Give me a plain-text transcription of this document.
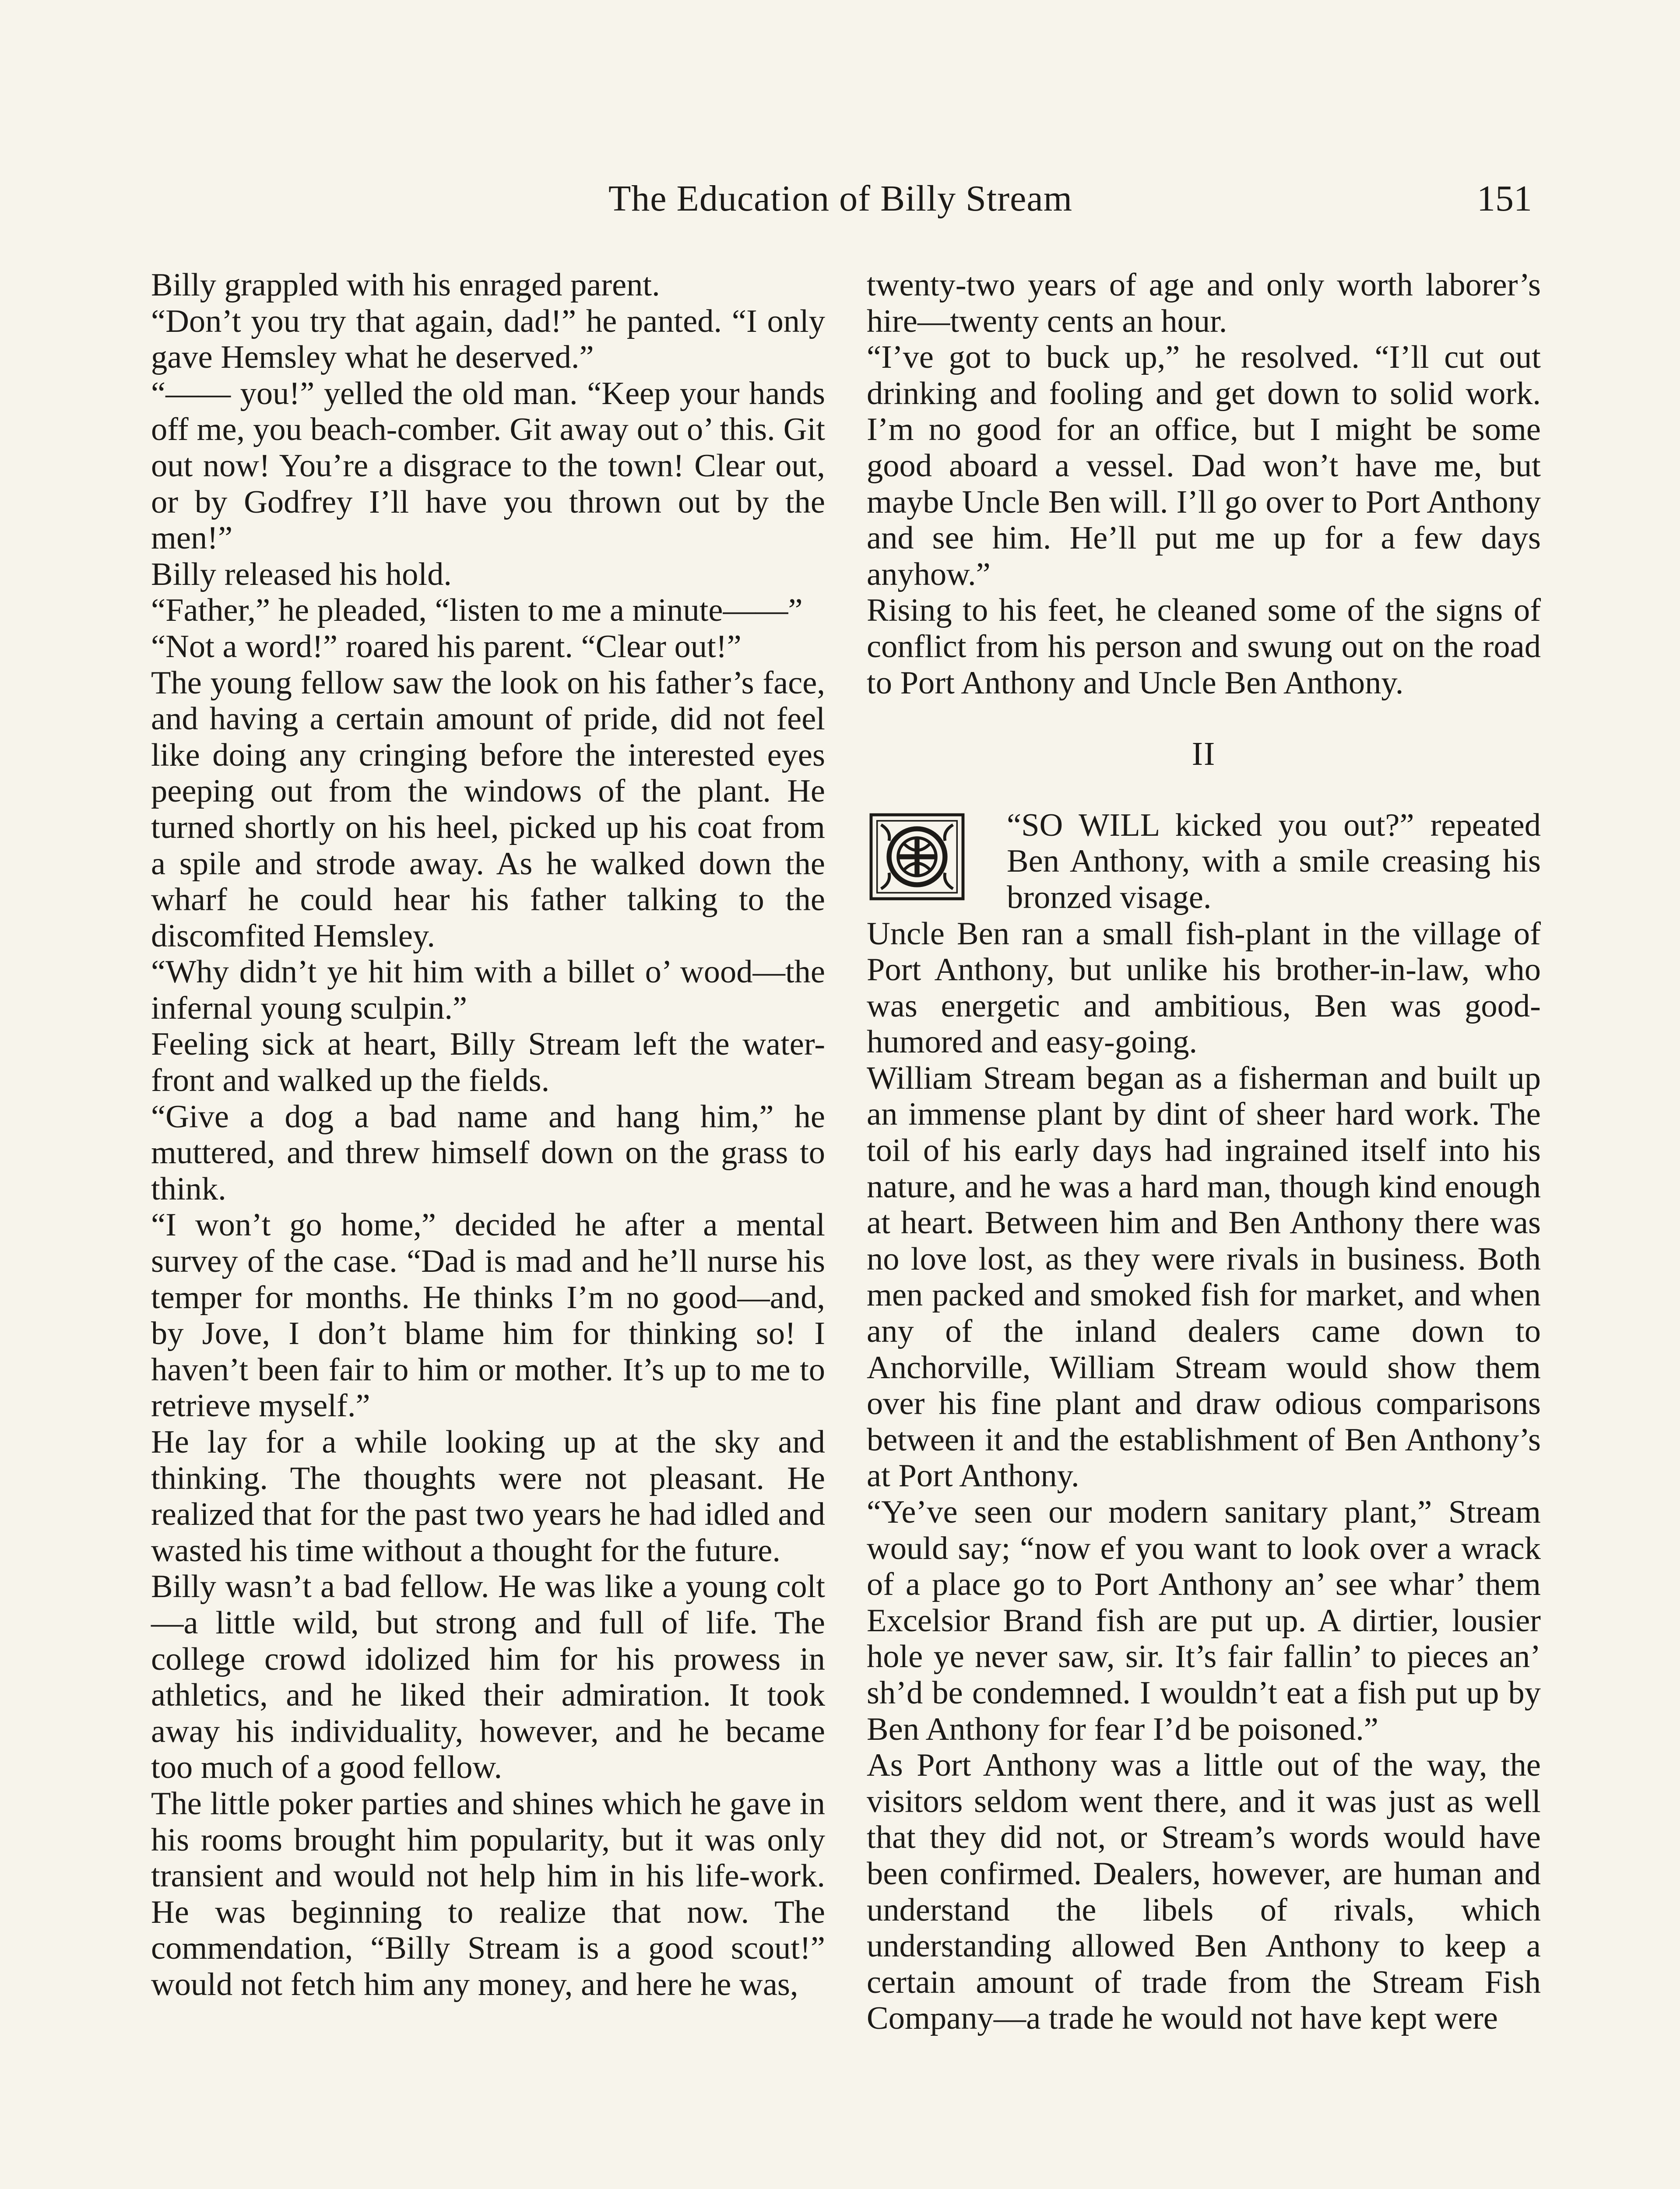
The Education of Billy Stream	151

Billy grappled with his enraged parent.

“Don’t you try that again, dad!” he panted. “I only gave Hemsley what he deserved.”

“—— you!” yelled the old man. “Keep your hands off me, you beach-comber. Git away out o’ this. Git out now! You’re a disgrace to the town! Clear out, or by Godfrey I’ll have you thrown out by the men!”

Billy released his hold.

“Father,” he pleaded, “listen to me a minute——”

“Not a word!” roared his parent. “Clear out!”

The young fellow saw the look on his father’s face, and having a certain amount of pride, did not feel like doing any cringing before the interested eyes peeping out from the windows of the plant. He turned shortly on his heel, picked up his coat from a spile and strode away. As he walked down the wharf he could hear his father talking to the discomfited Hemsley.

“Why didn’t ye hit him with a billet o’ wood—the infernal young sculpin.”

Feeling sick at heart, Billy Stream left the water-front and walked up the fields.

“Give a dog a bad name and hang him,” he muttered, and threw himself down on the grass to think.

“I won’t go home,” decided he after a mental survey of the case. “Dad is mad and he’ll nurse his temper for months. He thinks I’m no good—and, by Jove, I don’t blame him for thinking so! I haven’t been fair to him or mother. It’s up to me to retrieve myself.”

He lay for a while looking up at the sky and thinking. The thoughts were not pleasant. He realized that for the past two years he had idled and wasted his time without a thought for the future.

Billy wasn’t a bad fellow. He was like a young colt—a little wild, but strong and full of life. The college crowd idolized him for his prowess in athletics, and he liked their admiration. It took away his individuality, however, and he became too much of a good fellow.

The little poker parties and shines which he gave in his rooms brought him popularity, but it was only transient and would not help him in his life-work. He was beginning to realize that now. The commendation, “Billy Stream is a good scout!” would not fetch him any money, and here he was,

twenty-two years of age and only worth laborer’s hire—twenty cents an hour.

“I’ve got to buck up,” he resolved. “I’ll cut out drinking and fooling and get down to solid work. I’m no good for an office, but I might be some good aboard a vessel. Dad won’t have me, but maybe Uncle Ben will. I’ll go over to Port Anthony and see him. He’ll put me up for a few days anyhow.”

Rising to his feet, he cleaned some of the signs of conflict from his person and swung out on the road to Port Anthony and Uncle Ben Anthony.

II

“SO WILL kicked you out?” repeated Ben Anthony, with a smile creasing his bronzed visage.

Uncle Ben ran a small fish-plant in the village of Port Anthony, but unlike his brother-in-law, who was energetic and ambitious, Ben was good-humored and easy-going.

William Stream began as a fisherman and built up an immense plant by dint of sheer hard work. The toil of his early days had ingrained itself into his nature, and he was a hard man, though kind enough at heart. Between him and Ben Anthony there was no love lost, as they were rivals in business. Both men packed and smoked fish for market, and when any of the inland dealers came down to Anchorville, William Stream would show them over his fine plant and draw odious comparisons between it and the establishment of Ben Anthony’s at Port Anthony.

“Ye’ve seen our modern sanitary plant,” Stream would say; “now ef you want to look over a wrack of a place go to Port Anthony an’ see whar’ them Excelsior Brand fish are put up. A dirtier, lousier hole ye never saw, sir. It’s fair fallin’ to pieces an’ sh’d be condemned. I wouldn’t eat a fish put up by Ben Anthony for fear I’d be poisoned.”

As Port Anthony was a little out of the way, the visitors seldom went there, and it was just as well that they did not, or Stream’s words would have been confirmed. Dealers, however, are human and understand the libels of rivals, which understanding allowed Ben Anthony to keep a certain amount of trade from the Stream Fish Company—a trade he would not have kept were
